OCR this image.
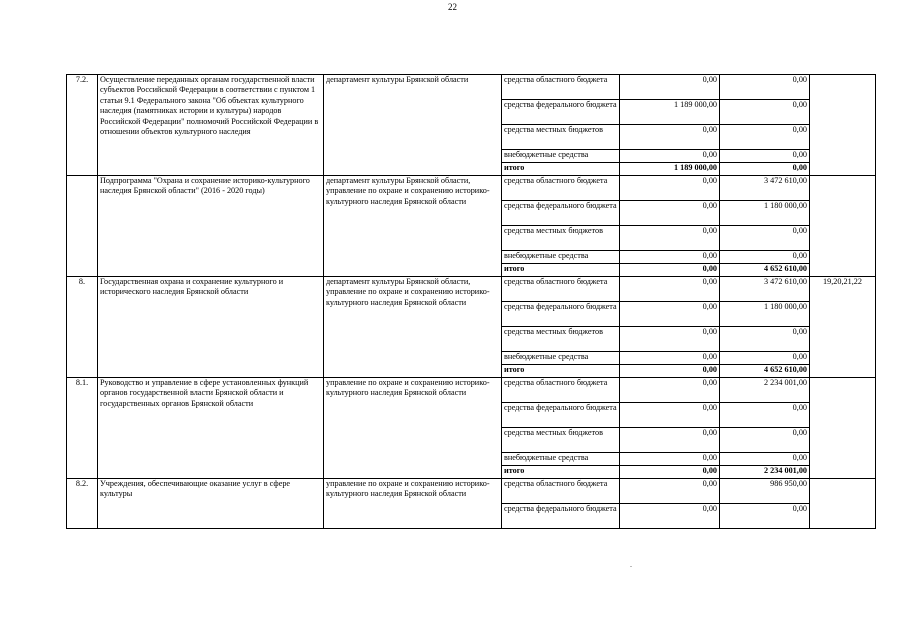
22
7.2.	Осуществление переданных органам государственной власти субъектов Российской Федерации в соответствии с пунктом 1 статьи 9.1 Федерального закона "Об объектах культурного наследия (памятниках истории и культуры) народов Российской Федерации" полномочий Российской Федерации в отношении объектов культурного наследия	департамент культуры Брянской области	средства областного бюджета	0,00	0,00	
			средства федерального бюджета	1 189 000,00	0,00	
			средства местных бюджетов	0,00	0,00	
			внебюджетные средства	0,00	0,00	
			итого	1 189 000,00	0,00	
	Подпрограмма "Охрана и сохранение историко-культурного наследия Брянской области" (2016 - 2020 годы)	департамент культуры Брянской области, управление по охране и сохранению историко-культурного наследия Брянской области	средства областного бюджета	0,00	3 472 610,00	
			средства федерального бюджета	0,00	1 180 000,00	
			средства местных бюджетов	0,00	0,00	
			внебюджетные средства	0,00	0,00	
			итого	0,00	4 652 610,00	
8.	Государственная охрана и сохранение культурного и исторического наследия Брянской области	департамент культуры Брянской области, управление по охране и сохранению историко-культурного наследия Брянской области	средства областного бюджета	0,00	3 472 610,00	19,20,21,22
			средства федерального бюджета	0,00	1 180 000,00	
			средства местных бюджетов	0,00	0,00	
			внебюджетные средства	0,00	0,00	
			итого	0,00	4 652 610,00	
8.1.	Руководство и управление в сфере установленных функций органов государственной власти Брянской области и государственных органов Брянской области	управление по охране и сохранению историко-культурного наследия Брянской области	средства областного бюджета	0,00	2 234 001,00	
			средства федерального бюджета	0,00	0,00	
			средства местных бюджетов	0,00	0,00	
			внебюджетные средства	0,00	0,00	
			итого	0,00	2 234 001,00	
8.2.	Учреждения, обеспечивающие оказание услуг в сфере культуры	управление по охране и сохранению историко-культурного наследия Брянской области	средства областного бюджета	0,00	986 950,00	
			средства федерального бюджета	0,00	0,00	
